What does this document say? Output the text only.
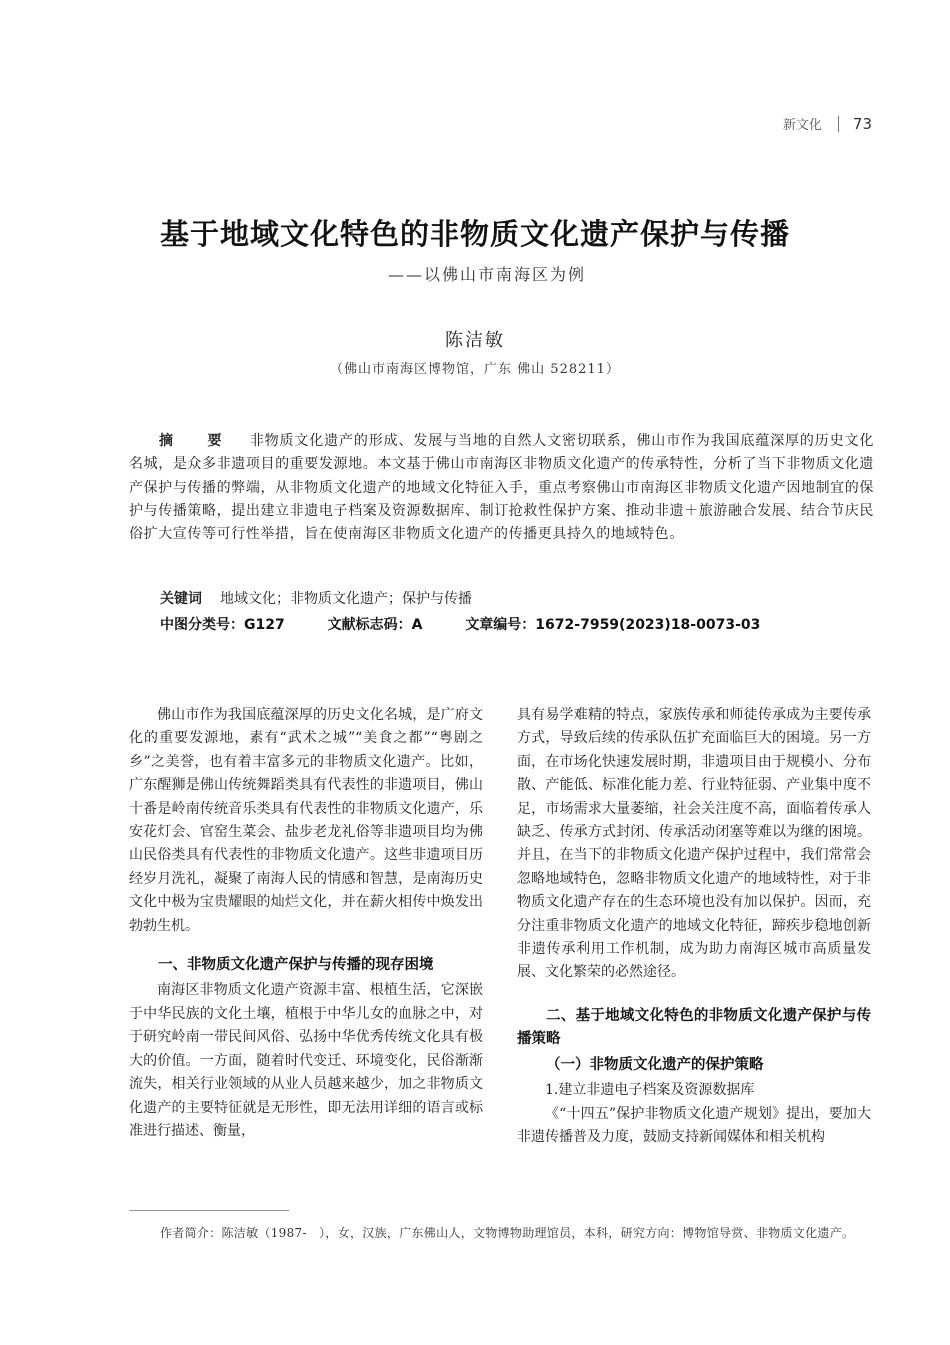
新文化 73
基于地域文化特色的非物质文化遗产保护与传播
——以佛山市南海区为例
陈洁敏
（佛山市南海区博物馆，广东 佛山 528211）
摘　要 非物质文化遗产的形成、发展与当地的自然人文密切联系，佛山市作为我国底蕴深厚的历史文化名城，是众多非遗项目的重要发源地。本文基于佛山市南海区非物质文化遗产的传承特性，分析了当下非物质文化遗产保护与传播的弊端，从非物质文化遗产的地域文化特征入手，重点考察佛山市南海区非物质文化遗产因地制宜的保护与传播策略，提出建立非遗电子档案及资源数据库、制订抢救性保护方案、推动非遗＋旅游融合发展、结合节庆民俗扩大宣传等可行性举措，旨在使南海区非物质文化遗产的传播更具持久的地域特色。
关键词 地域文化；非物质文化遗产；保护与传播
中图分类号：G127	文献标志码：A	文章编号：1672-7959(2023)18-0073-03

佛山市作为我国底蕴深厚的历史文化名城，是广府文化的重要发源地，素有“武术之城”“美食之都”“粤剧之乡”之美誉，也有着丰富多元的非物质文化遗产。比如，广东醒狮是佛山传统舞蹈类具有代表性的非遗项目，佛山十番是岭南传统音乐类具有代表性的非物质文化遗产，乐安花灯会、官窑生菜会、盐步老龙礼俗等非遗项目均为佛山民俗类具有代表性的非物质文化遗产。这些非遗项目历经岁月洗礼，凝聚了南海人民的情感和智慧，是南海历史文化中极为宝贵耀眼的灿烂文化，并在薪火相传中焕发出勃勃生机。

一、非物质文化遗产保护与传播的现存困境

南海区非物质文化遗产资源丰富、根植生活，它深嵌于中华民族的文化土壤，植根于中华儿女的血脉之中，对于研究岭南一带民间风俗、弘扬中华优秀传统文化具有极大的价值。一方面，随着时代变迁、环境变化，民俗渐渐流失，相关行业领域的从业人员越来越少，加之非物质文化遗产的主要特征就是无形性，即无法用详细的语言或标准进行描述、衡量，

具有易学难精的特点，家族传承和师徒传承成为主要传承方式，导致后续的传承队伍扩充面临巨大的困境。另一方面，在市场化快速发展时期，非遗项目由于规模小、分布散、产能低、标准化能力差、行业特征弱、产业集中度不足，市场需求大量萎缩，社会关注度不高，面临着传承人缺乏、传承方式封闭、传承活动闭塞等难以为继的困境。并且，在当下的非物质文化遗产保护过程中，我们常常会忽略地域特色，忽略非物质文化遗产的地域特性，对于非物质文化遗产存在的生态环境也没有加以保护。因而，充分注重非物质文化遗产的地域文化特征，蹄疾步稳地创新非遗传承利用工作机制，成为助力南海区城市高质量发展、文化繁荣的必然途径。

二、基于地域文化特色的非物质文化遗产保护与传播策略

（一）非物质文化遗产的保护策略

1.建立非遗电子档案及资源数据库

《“十四五”保护非物质文化遗产规划》提出，要加大非遗传播普及力度，鼓励支持新闻媒体和相关机构

作者简介：陈洁敏（1987-　），女，汉族，广东佛山人，文物博物助理馆员，本科，研究方向：博物馆导赏、非物质文化遗产。
